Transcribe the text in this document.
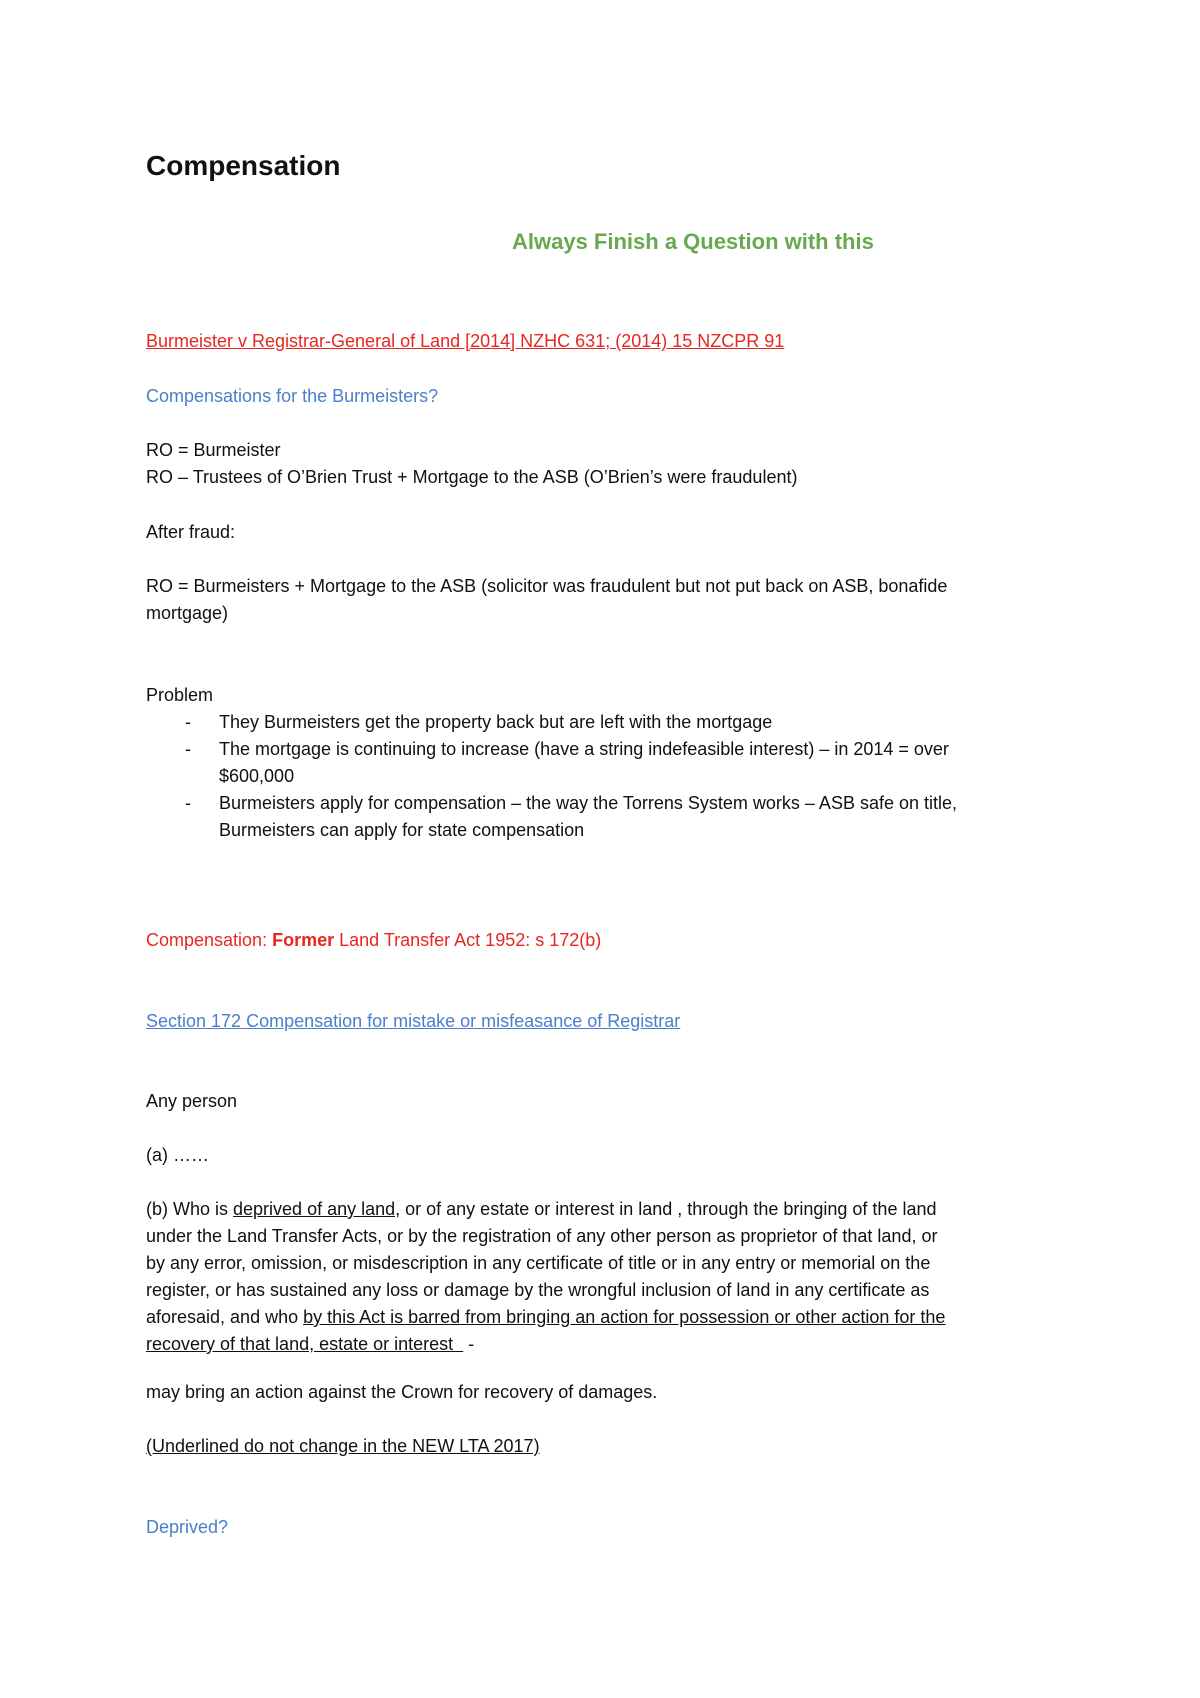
Compensation
Always Finish a Question with this
Burmeister v Registrar-General of Land [2014] NZHC 631; (2014) 15 NZCPR 91
Compensations for the Burmeisters?
RO = Burmeister
RO – Trustees of O’Brien Trust + Mortgage to the ASB (O’Brien’s were fraudulent)
After fraud:
RO = Burmeisters + Mortgage to the ASB (solicitor was fraudulent but not put back on ASB, bonafide
mortgage)
Problem
- They Burmeisters get the property back but are left with the mortgage
- The mortgage is continuing to increase (have a string indefeasible interest) – in 2014 = over
$600,000
- Burmeisters apply for compensation – the way the Torrens System works – ASB safe on title,
Burmeisters can apply for state compensation
Compensation: Former Land Transfer Act 1952: s 172(b)
Section 172 Compensation for mistake or misfeasance of Registrar
Any person
(a) ……
(b) Who is deprived of any land, or of any estate or interest in land , through the bringing of the land
under the Land Transfer Acts, or by the registration of any other person as proprietor of that land, or
by any error, omission, or misdescription in any certificate of title or in any entry or memorial on the
register, or has sustained any loss or damage by the wrongful inclusion of land in any certificate as
aforesaid, and who by this Act is barred from bringing an action for possession or other action for the
recovery of that land, estate or interest   -
may bring an action against the Crown for recovery of damages.
(Underlined do not change in the NEW LTA 2017)
Deprived?
